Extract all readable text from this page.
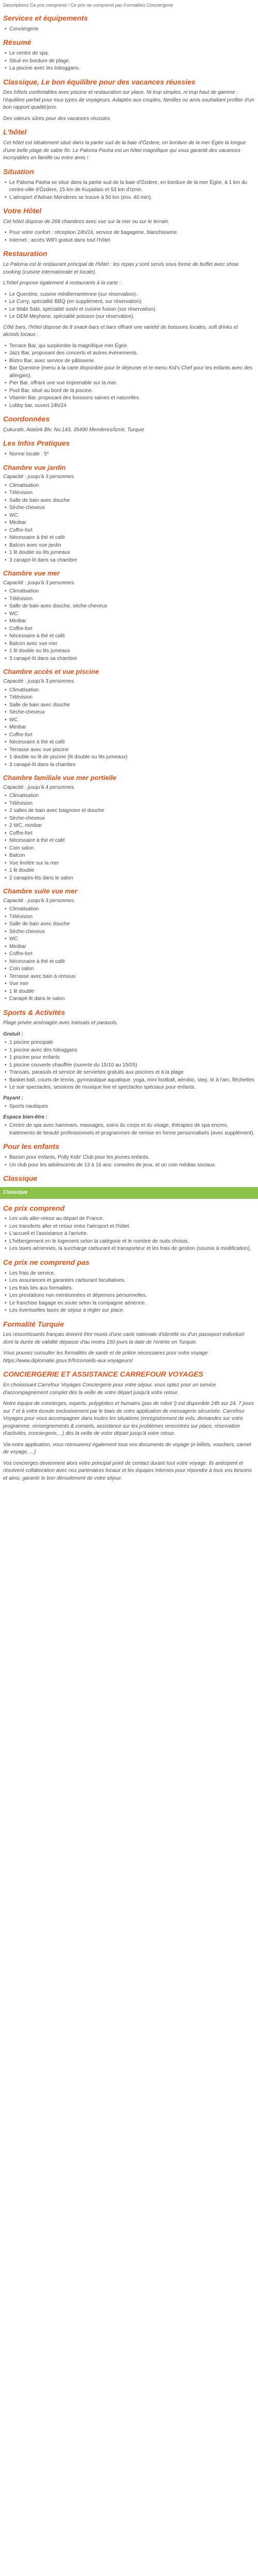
Descriptions Ce prix comprend / Ce prix ne comprend pas Formalités Conciergerie

Services et équipements
• Conciergerie
Résumé
• Le centre de spa.
• Situé en bordure de plage.
• La piscine avec les toboggans.
Classique, Le bon équilibre pour des vacances réussies

Des hôtels confortables avec piscine et restauration sur place. Ni trop simples, ni trop haut de gamme : l'équilibre parfait pour tous types de voyageurs. Adaptée aux couples, familles ou amis souhaitant profiter d'un bon rapport qualité/prix.

Des valeurs sûres pour des vacances réussies.

L'hôtel

Cet hôtel est idéalement situé dans la partie sud de la baie d'Özdere, en bordure de la mer Égée la longue d'une belle plage de sable fin. Le Paloma Pasha est un hôtel magnifique qui vous garantit des vacances incroyables en famille ou entre amis !

Situation
• Le Paloma Pasha se situe dans la partie sud de la baie d'Özdere, en bordure de la mer Égée, à 1 km du centre-ville d'Özdere, 15 km de Kuşadası et 53 km d'Izmir.
• L'aéroport d'Adnan Menderes se trouve à 50 km (env. 40 min).
Votre Hôtel

Cet hôtel dispose de 268 chambres avec vue sur la mer ou sur le terrain.

• Pour votre confort : réception 24h/24, service de bagagerie, blanchisserie.
• Internet : accès WIFI gratuit dans tout l'hôtel
Restauration

Le Paloma est le restaurant principal de l'hôtel : les repas y sont servis sous forme de buffet avec show cooking (cuisine internationale et locale).

L'hôtel propose également 4 restaurants à la carte :

• Le Quentine, cuisine méditerranéenne (sur réservation).
• Le Curry, spécialité BBQ (en supplément, sur réservation).
• Le Wabi Sabi, spécialité sushi et cuisine fusion (sur réservation).
• Le DEM Meyhane, spécialité poisson (sur réservation).

Côté bars, l'hôtel dispose de 8 snack-bars et bars offrant une variété de boissons locales, soft drinks et alcools locaux :

• Terrace Bar, qui surplombe la magnifique mer Égée.
• Jazz Bar, proposant des concerts et autres événements.
• Bistro Bar, avec service de pâtisserie.
• Bar Quentine (menu à la carte disponible pour le déjeuner et le menu Kid's Chef pour les enfants avec des allergies).
• Pier Bar, offrant une vue imprenable sur la mer.
• Pool Bar, situé au bord de la piscine.
• Vitamin Bar, proposant des boissons saines et naturelles
• Lobby bar, ouvert 24h/24
Coordonnées

Çukuraltı, Atatürk Blv. No:143, 35490 Menderes/İzmir, Turquie

Les Infos Pratiques
• Norme locale : 5*
Chambre vue jardin

Capacité : jusqu'à 3 personnes.

• Climatisation
• Télévision
• Salle de bain avec douche
• Sèche-cheveux
• WC
• Minibar
• Coffre-fort
• Nécessaire à thé et café
• Balcon avec vue jardin
• 1 lit double ou lits jumeaux
• 3 canapé-lit dans sa chambre
Chambre vue mer

Capacité : jusqu'à 3 personnes.

• Climatisation
• Télévision
• Salle de bain avec douche, sèche-cheveux
• WC
• Minibar
• Coffre-fort
• Nécessaire à thé et café
• Balcon avec vue mer
• 1 lit double ou lits jumeaux
• 3 canapé-lit dans sa chambre
Chambre accès et vue piscine

Capacité : jusqu'à 3 personnes.

• Climatisation
• Télévision
• Salle de bain avec douche
• Sèche-cheveux
• WC
• Minibar
• Coffre-fort
• Nécessaire à thé et café
• Terrasse avec vue piscine
• 1 double ou lit de piscine (lit double ou lits jumeaux)
• 3 canapé-lit dans la chambre
Chambre familiale vue mer portielle

Capacité : jusqu'à 4 personnes.

• Climatisation
• Télévision
• 2 salles de bain avec baignoire et douche
• Sèche-cheveux
• 2 WC, minibar
• Coffre-fort
• Nécessaire à thé et café
• Coin salon
• Balcon
• Vue limitée sur la mer
• 1 lit double
• 2 canapés-lits dans le salon
Chambre suite vue mer

Capacité : jusqu'à 3 personnes.

• Climatisation
• Télévision
• Salle de bain avec douche
• Sèche-cheveux
• WC
• Minibar
• Coffre-fort
• Nécessaire à thé et café
• Coin salon
• Terrasse avec bain à remous
• Vue mer
• 1 lit double
• Canapé-lit dans le salon
Sports & Activités

Plage privée aménagée avec transats et parasols.

Gratuit :

• 1 piscine principale
• 1 piscine avec des toboggans
• 1 piscine pour enfants
• 1 piscine couverte chauffée (ouverte du 15/10 au 15/05)
• Transats, parasols et service de serviettes gratuits aux piscines et à la plage
• Basket-ball, courts de tennis, gymnastique aquatique, yoga, mini football, aérobic, step, tir à l'arc, fléchettes
• Le soir spectacles, sessions de musique live et spectacles spéciaux pour enfants.

Payant :

• Sports nautiques

Espace bien-être :

• Centre de spa avec hammam, massages, soins du corps et du visage, thérapies de spa encres, traitements de beauté professionnels et programmes de remise en forme personnalisés (avec supplément).
Pour les enfants
• Bassin pour enfants, Polly Kids' Club pour les jeunes enfants.
• Un club pour les adolescents de 13 à 16 ans: consoles de jeux, et un coin médias sociaux.
Classique
Classique
Ce prix comprend
• Les vols aller-retour au départ de France.
• Les transferts aller et retour entre l'aéroport et l'hôtel.
• L'accueil et l'assistance à l'arrivée.
• L'hébergement en le logement selon la catégorie et le nombre de nuits choisis.
• Les taxes aériennes, la surcharge carburant et transporteur et les frais de gestion (soumis à modification).
Ce prix ne comprend pas
• Les frais de service.
• Les assurances et garanties carburant facultatives.
• Les frais liés aux formalités.
• Les prestations non mentionnées et dépenses personnelles.
• Le franchise bagage en soute selon la compagnie aérienne.
• Les éventuelles taxes de séjour à régler sur place.
Formalité Turquie

Les ressortissants français doivent être munis d'une carte nationale d'identité ou d'un passeport individuel dont la durée de validité dépasse d'au moins 150 jours la date de l'entrée en Turquie.

Vous pouvez consulter les formalités de santé et de police nécessaires pour votre voyage : https://www.diplomatie.gouv.fr/fr/conseils-aux-voyageurs/

CONCIERGERIE ET ASSISTANCE CARREFOUR VOYAGES

En choisissant Carrefour Voyages Conciergerie pour votre séjour, vous optez pour un service d'accompagnement complet dès la veille de votre départ jusqu'à votre retour.

Notre équipe de concierges, experts, polyglottes et humains (pas de robot !) est disponible 24h sur 24, 7 jours sur 7 et à votre écoute exclusivement par le biais de votre application de messagerie sécurisée. Carrefour Voyages pour vous accompagner dans toutes les situations (enregistrement de vols, demandes sur votre programme, renseignements & conseils, assistance sur les problèmes rencontrés sur place, réservation d'activités, conciergerie,...) dès la veille de votre départ jusqu'à votre retour.

Via notre application, vous retrouverez également tous vos documents de voyage (e-billets, vouchers, carnet de voyage, ...)

Vos concierges deviennent alors votre principal point de contact durant tout votre voyage. Ils anticipent et résolvent collaboration avec nos partenaires locaux et les équipes Internes pour répondre à tous vos besoins et ainsi, garantir le bon déroulement de votre séjour.
